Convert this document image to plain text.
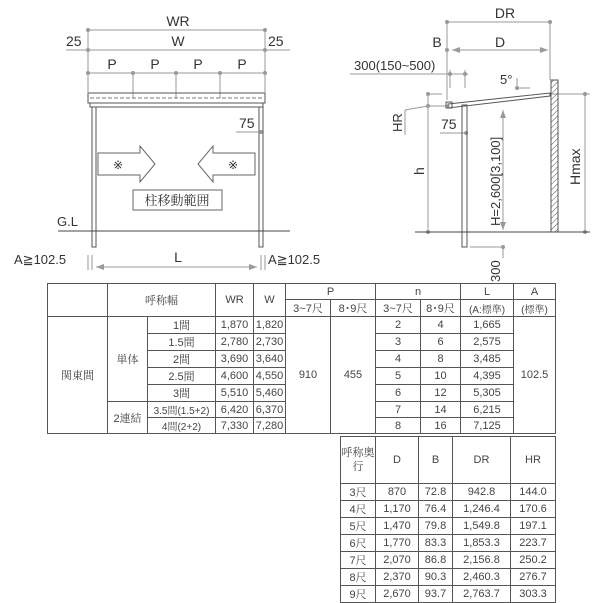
WR
W
25	25
P P P P
75
※	※
柱移動範囲
G.L
A≧102.5	A≧102.5
L
DR
B	D
300(150~500)
5°
HR	75
h	H=2,600[3,100]	Hmax
300
	呼称幅		WR	W	P		n		L	A
					3~7尺	8･9尺	3~7尺	8･9尺	(A:標準)	(標準)
関東間	単体	1間	1,870	1,820	910	455	2	4	1,665	102.5
		1.5間	2,780	2,730			3	6	2,575	
		2間	3,690	3,640			4	8	3,485	
		2.5間	4,600	4,550			5	10	4,395	
		3間	5,510	5,460			6	12	5,305	
	2連結	3.5間(1.5+2)	6,420	6,370			7	14	6,215	
		4間(2+2)	7,330	7,280			8	16	7,125	
呼称奥行	D	B	DR	HR
3尺	870	72.8	942.8	144.0
4尺	1,170	76.4	1,246.4	170.6
5尺	1,470	79.8	1,549.8	197.1
6尺	1,770	83.3	1,853.3	223.7
7尺	2,070	86.8	2,156.8	250.2
8尺	2,370	90.3	2,460.3	276.7
9尺	2,670	93.7	2,763.7	303.3
